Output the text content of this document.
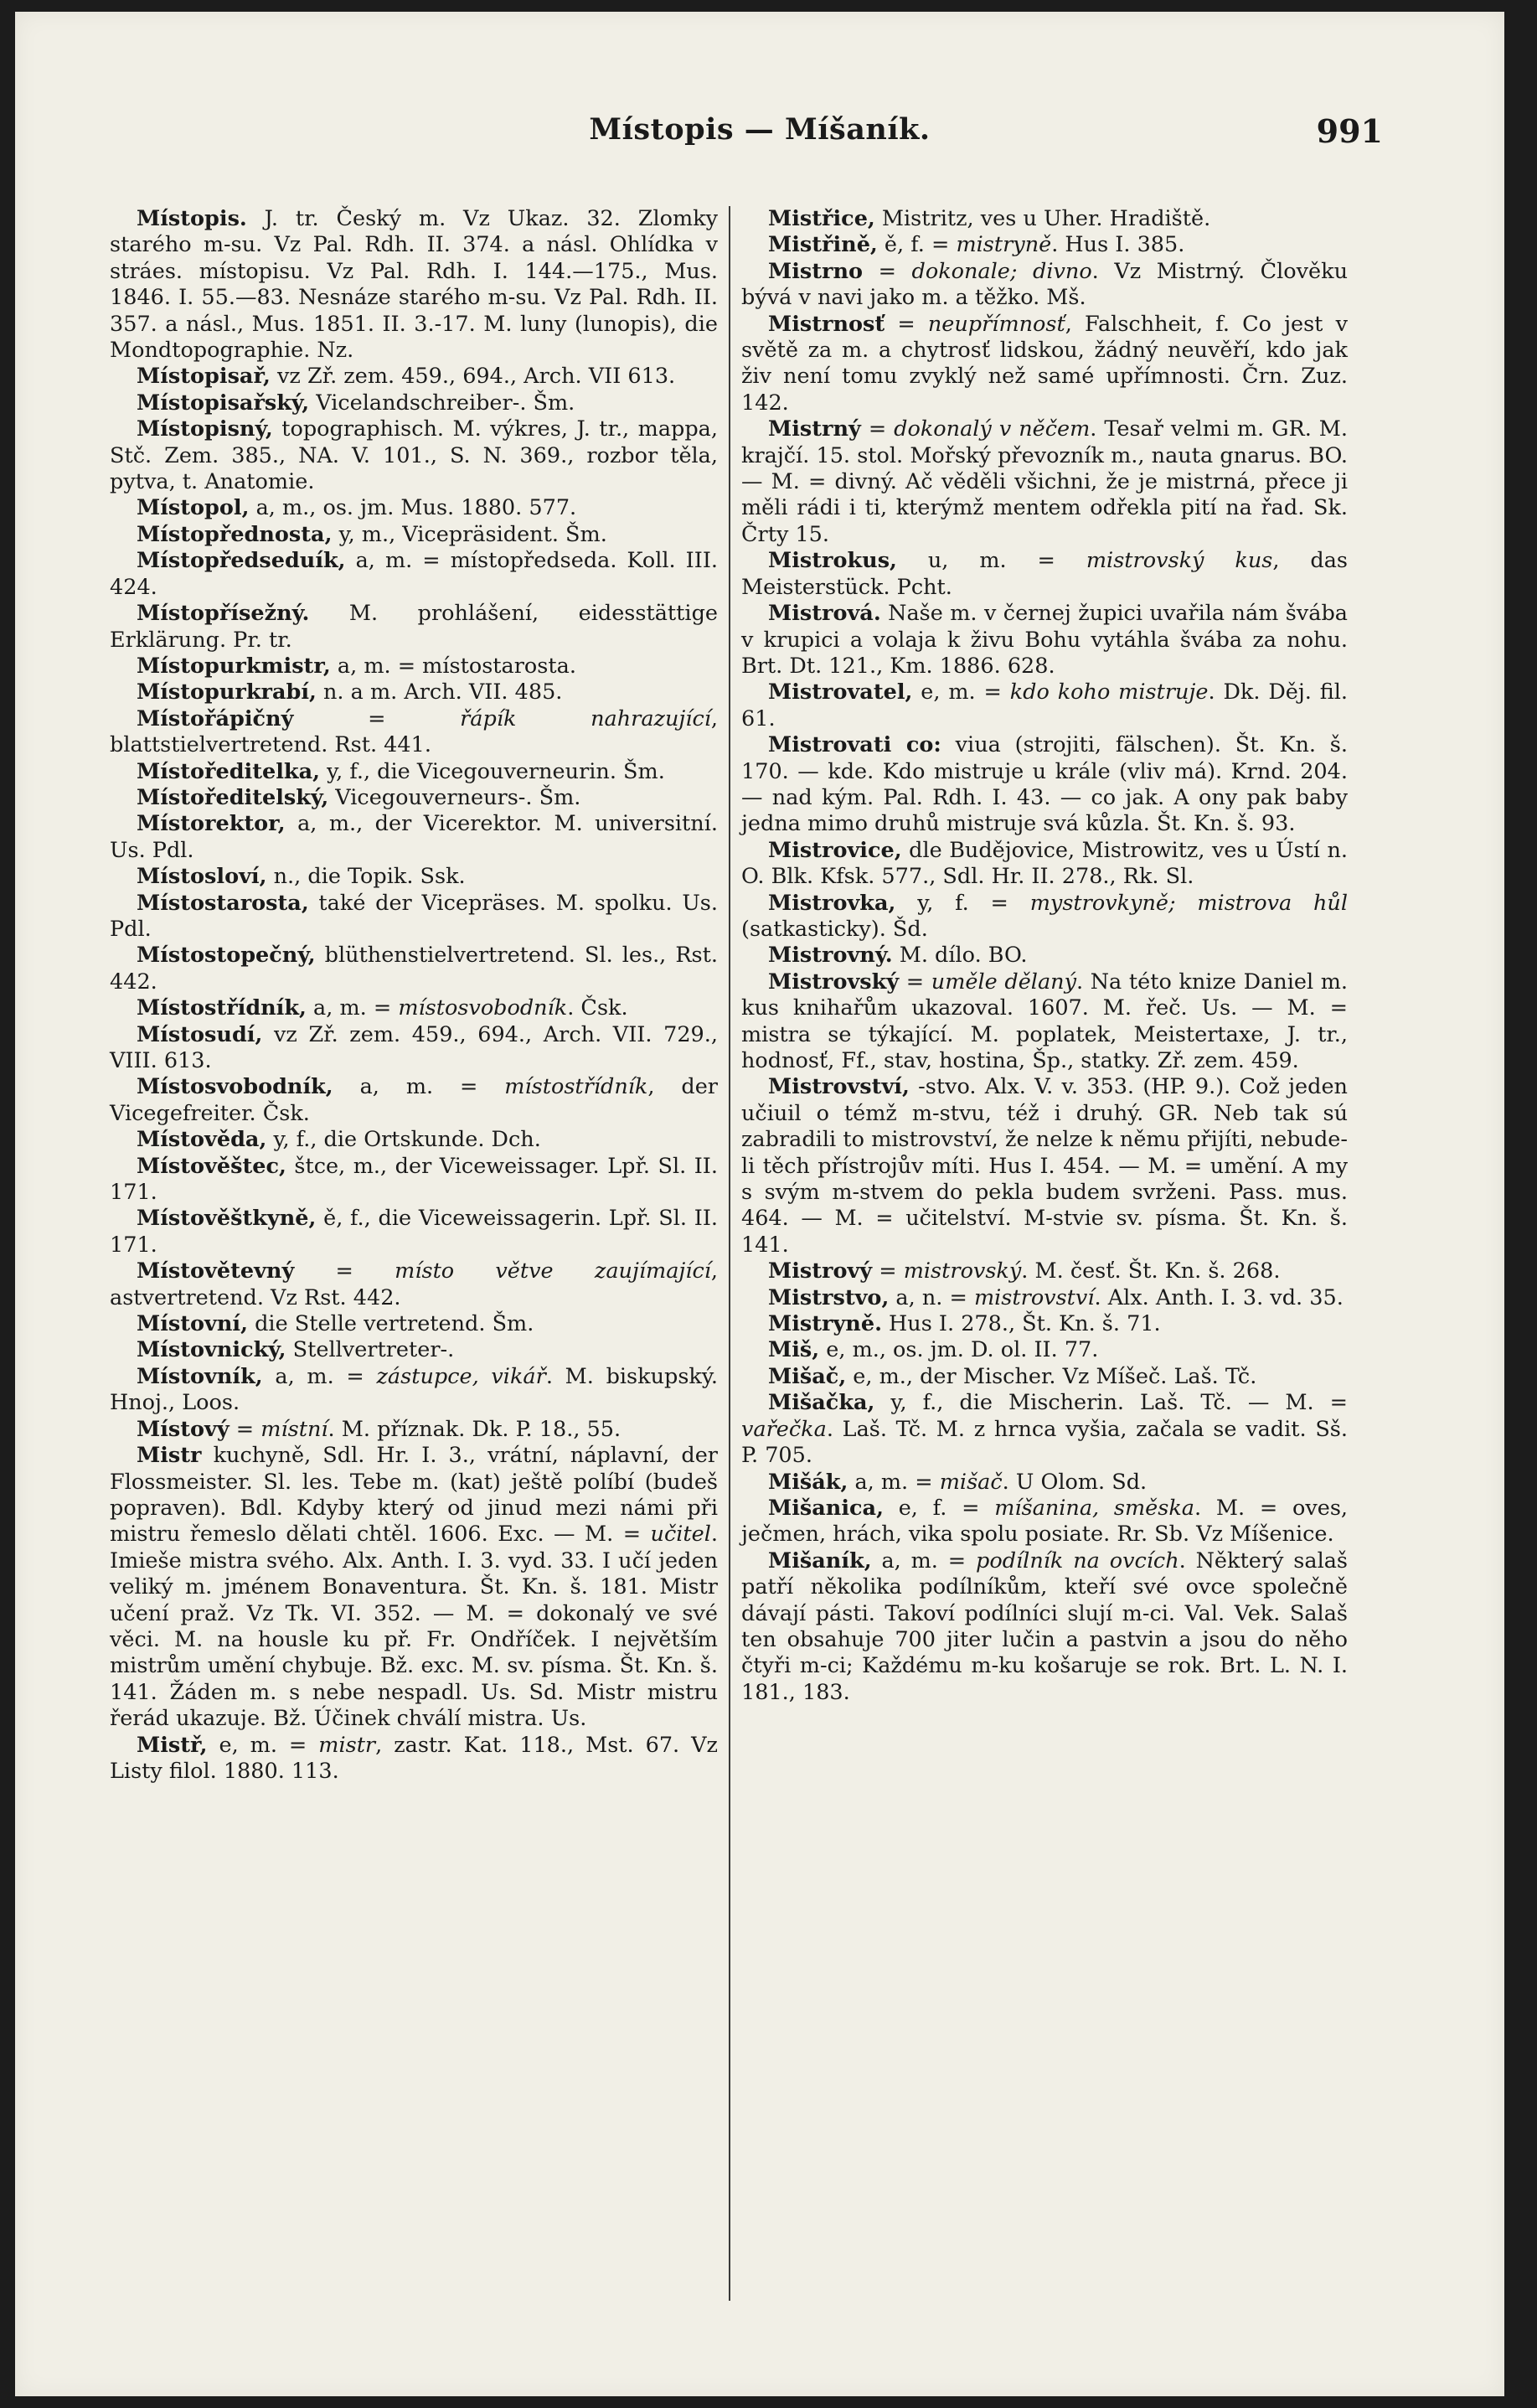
Místopis — Míšaník.	991

Místopis. J. tr. Český m. Vz Ukaz. 32. Zlomky starého m-su. Vz Pal. Rdh. II. 374. a násl. Ohlídka v stráes. místopisu. Vz Pal. Rdh. I. 144.—175., Mus. 1846. I. 55.—83. Nesnáze starého m-su. Vz Pal. Rdh. II. 357. a násl., Mus. 1851. II. 3.-17. M. luny (lunopis), die Mondtopographie. Nz.

Místopisař, vz Zř. zem. 459., 694., Arch. VII 613.

Místopisařský, Vicelandschreiber-. Šm.

Místopisný, topographisch. M. výkres, J. tr., mappa, Stč. Zem. 385., NA. V. 101., S. N. 369., rozbor těla, pytva, t. Anatomie.

Místopol, a, m., os. jm. Mus. 1880. 577.

Místopřednosta, y, m., Vicepräsident. Šm.

Místopředseduík, a, m. = místopředseda. Koll. III. 424.

Místopřísežný. M. prohlášení, eidesstättige Erklärung. Pr. tr.

Místopurkmistr, a, m. = místostarosta.

Místopurkrabí, n. a m. Arch. VII. 485.

Místořápičný = řápík nahrazující, blattstielvertretend. Rst. 441.

Místoředitelka, y, f., die Vicegouverneurin. Šm.

Místoředitelský, Vicegouverneurs-. Šm.

Místorektor, a, m., der Vicerektor. M. universitní. Us. Pdl.

Místosloví, n., die Topik. Ssk.

Místostarosta, také der Vicepräses. M. spolku. Us. Pdl.

Místostopečný, blüthenstielvertretend. Sl. les., Rst. 442.

Místostřídník, a, m. = místosvobodník. Čsk.

Místosudí, vz Zř. zem. 459., 694., Arch. VII. 729., VIII. 613.

Místosvobodník, a, m. = místostřídník, der Vicegefreiter. Čsk.

Místověda, y, f., die Ortskunde. Dch.

Místověštec, štce, m., der Viceweissager. Lpř. Sl. II. 171.

Místověštkyně, ě, f., die Viceweissagerin. Lpř. Sl. II. 171.

Místovětevný = místo větve zaujímající, astvertretend. Vz Rst. 442.

Místovní, die Stelle vertretend. Šm.

Místovnický, Stellvertreter-.

Místovník, a, m. = zástupce, vikář. M. biskupský. Hnoj., Loos.

Místový = místní. M. příznak. Dk. P. 18., 55.

Mistr kuchyně, Sdl. Hr. I. 3., vrátní, náplavní, der Flossmeister. Sl. les. Tebe m. (kat) ještě políbí (budeš popraven). Bdl. Kdyby který od jinud mezi námi při mistru řemeslo dělati chtěl. 1606. Exc. — M. = učitel. Imieše mistra svého. Alx. Anth. I. 3. vyd. 33. I učí jeden veliký m. jménem Bonaventura. Št. Kn. š. 181. Mistr učení praž. Vz Tk. VI. 352. — M. = dokonalý ve své věci. M. na housle ku př. Fr. Ondříček. I největším mistrům umění chybuje. Bž. exc. M. sv. písma. Št. Kn. š. 141. Žáden m. s nebe nespadl. Us. Sd. Mistr mistru řerád ukazuje. Bž. Účinek chválí mistra. Us.

Mistř, e, m. = mistr, zastr. Kat. 118., Mst. 67. Vz Listy filol. 1880. 113.

Mistřice, Mistritz, ves u Uher. Hradiště.

Mistřině, ě, f. = mistryně. Hus I. 385.

Mistrno = dokonale; divno. Vz Mistrný. Člověku bývá v navi jako m. a těžko. Mš.

Mistrnosť = neupřímnosť, Falschheit, f. Co jest v světě za m. a chytrosť lidskou, žádný neuvěří, kdo jak živ není tomu zvyklý než samé upřímnosti. Črn. Zuz. 142.

Mistrný = dokonalý v něčem. Tesař velmi m. GR. M. krajčí. 15. stol. Mořský převozník m., nauta gnarus. BO. — M. = divný. Ač věděli všichni, že je mistrná, přece ji měli rádi i ti, kterýmž mentem odřekla pití na řad. Sk. Črty 15.

Mistrokus, u, m. = mistrovský kus, das Meisterstück. Pcht.

Mistrová. Naše m. v černej župici uvařila nám švába v krupici a volaja k živu Bohu vytáhla švába za nohu. Brt. Dt. 121., Km. 1886. 628.

Mistrovatel, e, m. = kdo koho mistruje. Dk. Děj. fil. 61.

Mistrovati co: viua (strojiti, fälschen). Št. Kn. š. 170. — kde. Kdo mistruje u krále (vliv má). Krnd. 204. — nad kým. Pal. Rdh. I. 43. — co jak. A ony pak baby jedna mimo druhů mistruje svá kůzla. Št. Kn. š. 93.

Mistrovice, dle Budějovice, Mistrowitz, ves u Ústí n. O. Blk. Kfsk. 577., Sdl. Hr. II. 278., Rk. Sl.

Mistrovka, y, f. = mystrovkyně; mistrova hůl (satkasticky). Šd.

Mistrovný. M. dílo. BO.

Mistrovský = uměle dělaný. Na této knize Daniel m. kus knihařům ukazoval. 1607. M. řeč. Us. — M. = mistra se týkající. M. poplatek, Meistertaxe, J. tr., hodnosť, Ff., stav, hostina, Šp., statky. Zř. zem. 459.

Mistrovství, -stvo. Alx. V. v. 353. (HP. 9.). Což jeden učiuil o témž m-stvu, též i druhý. GR. Neb tak sú zabradili to mistrovství, že nelze k němu přijíti, nebude-li těch přístrojův míti. Hus I. 454. — M. = umění. A my s svým m-stvem do pekla budem svrženi. Pass. mus. 464. — M. = učitelství. M-stvie sv. písma. Št. Kn. š. 141.

Mistrový = mistrovský. M. česť. Št. Kn. š. 268.

Mistrstvo, a, n. = mistrovství. Alx. Anth. I. 3. vd. 35.

Mistryně. Hus I. 278., Št. Kn. š. 71.

Miš, e, m., os. jm. D. ol. II. 77.

Mišač, e, m., der Mischer. Vz Míšeč. Laš. Tč.

Mišačka, y, f., die Mischerin. Laš. Tč. — M. = vařečka. Laš. Tč. M. z hrnca vyšia, začala se vadit. Sš. P. 705.

Mišák, a, m. = mišač. U Olom. Sd.

Mišanica, e, f. = míšanina, směska. M. = oves, ječmen, hrách, vika spolu posiate. Rr. Sb. Vz Míšenice.

Mišaník, a, m. = podílník na ovcích. Některý salaš patří několika podílníkům, kteří své ovce společně dávají pásti. Takoví podílníci slují m-ci. Val. Vek. Salaš ten obsahuje 700 jiter lučin a pastvin a jsou do něho čtyři m-ci; Každému m-ku košaruje se rok. Brt. L. N. I. 181., 183.
